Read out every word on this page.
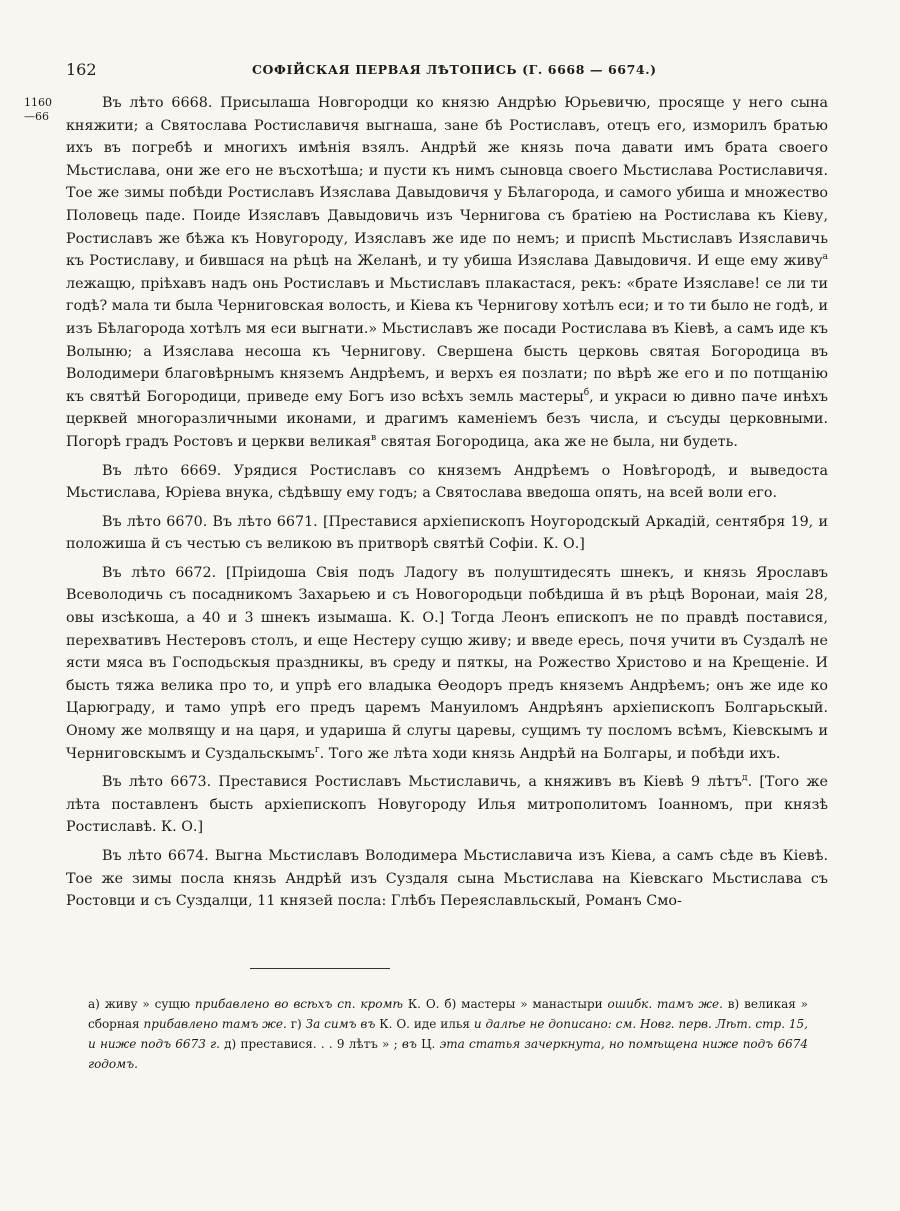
162	СОФІЙСКАЯ ПЕРВАЯ ЛѢТОПИСЬ (Г. 6668 — 6674.)
1160
—66

Въ лѣто 6668. Присылаша Новгородци ко князю Андрѣю Юрьевичю, просяще у него сына княжити; а Святослава Ростиславичя выгнаша, зане бѣ Ростиславъ, отецъ его, изморилъ братью ихъ въ погребѣ и многихъ имѣнія взялъ. Андрѣй же князь поча давати имъ брата своего Мьстислава, они же его не въсхотѣша; и пусти къ нимъ сыновца своего Мьстислава Ростиславичя. Тое же зимы побѣди Ростиславъ Изяслава Давыдовичя у Бѣлагорода, и самого убиша и множество Половець паде. Поиде Изяславъ Давыдовичь изъ Чернигова съ братіею на Ростислава къ Кіеву, Ростиславъ же бѣжа къ Новугороду, Изяславъ же иде по немъ; и приспѣ Мьстиславъ Изяславичь къ Ростиславу, и бившася на рѣцѣ на Желанѣ, и ту убиша Изяслава Давыдовичя. И еще ему живу$^а$ лежащю, пріѣхавъ надъ онь Ростиславъ и Мьстиславъ плакастася, рекъ: «брате Изяславе! се ли ти годѣ? мала ти была Черниговская волость, и Кіева къ Чернигову хотѣлъ еси; и то ти было не годѣ, и изъ Бѣлагорода хотѣлъ мя еси выгнати.» Мьстиславъ же посади Ростислава въ Кіевѣ, а самъ иде къ Волыню; а Изяслава несоша къ Чернигову. Свершена бысть церковь святая Богородица въ Володимери благовѣрнымъ княземъ Андрѣемъ, и верхъ ея позлати; по вѣрѣ же его и по потщанію къ святѣй Богородици, приведе ему Богъ изо всѣхъ земль мастеры$^б$, и украси ю дивно паче инѣхъ церквей многоразличными иконами, и драгимъ каменіемъ безъ числа, и съсуды церковными. Погорѣ градъ Ростовъ и церкви великая$^в$ святая Богородица, ака же не была, ни будеть.

Въ лѣто 6669. Урядися Ростиславъ со княземъ Андрѣемъ о Новѣгородѣ, и выведоста Мьстислава, Юріева внука, сѣдѣвшу ему годъ; а Святослава введоша опять, на всей воли его.

Въ лѣто 6670. Въ лѣто 6671. [Преставися архіепископъ Ноугородскый Аркадій, сентября 19, и положиша й съ честью съ великою въ притворѣ святѣй Софіи. К. О.]

Въ лѣто 6672. [Пріидоша Свія подъ Ладогу въ полуштидесять шнекъ, и князь Ярославъ Всеволодичь съ посадникомъ Захарьею и съ Новогородьци побѣдиша й въ рѣцѣ Воронаи, маія 28, овы изсѣкоша, а 40 и 3 шнекъ изымаша. К. О.] Тогда Леонъ епископъ не по правдѣ поставися, перехвативъ Нестеровъ столъ, и еще Нестеру сущю живу; и введе ересь, почя учити въ Суздалѣ не ясти мяса въ Господьскыя праздникы, въ среду и пяткы, на Рожество Христово и на Крещеніе. И бысть тяжа велика про то, и упрѣ его владыка Ѳеодоръ предъ княземъ Андрѣемъ; онъ же иде ко Царюграду, и тамо упрѣ его предъ царемъ Мануиломъ Андрѣянъ архіепископъ Болгарьскый. Оному же молвящу и на царя, и удариша й слугы царевы, сущимъ ту посломъ всѣмъ, Кіевскымъ и Черниговскымъ и Суздальскымъ$^г$. Того же лѣта ходи князь Андрѣй на Болгары, и побѣди ихъ.

Въ лѣто 6673. Преставися Ростиславъ Мьстиславичь, а княживъ въ Кіевѣ 9 лѣтъ$^д$. [Того же лѣта поставленъ бысть архіепископъ Новугороду Илья митрополитомъ Іоанномъ, при князѣ Ростиславѣ. К. О.]

Въ лѣто 6674. Выгна Мьстиславъ Володимера Мьстиславича изъ Кіева, а самъ сѣде въ Кіевѣ. Тое же зимы посла князь Андрѣй изъ Суздаля сына Мьстислава на Кіевскаго Мьстислава съ Ростовци и съ Суздалци, 11 князей посла: Глѣбъ Переяславльскый, Романъ Смо-

а) живу » сущю прибавлено во всѣхъ сп. кромѣ К. О. б) мастеры » манастыри ошибк. тамъ же. в) великая » сборная прибавлено тамъ же. г) За симъ въ К. О. иде илья и далѣе не дописано: см. Новг. перв. Лѣт. стр. 15, и ниже подъ 6673 г. д) преставися. . . 9 лѣтъ » ; въ Ц. эта статья зачеркнута, но помѣщена ниже подъ 6674 годомъ.
